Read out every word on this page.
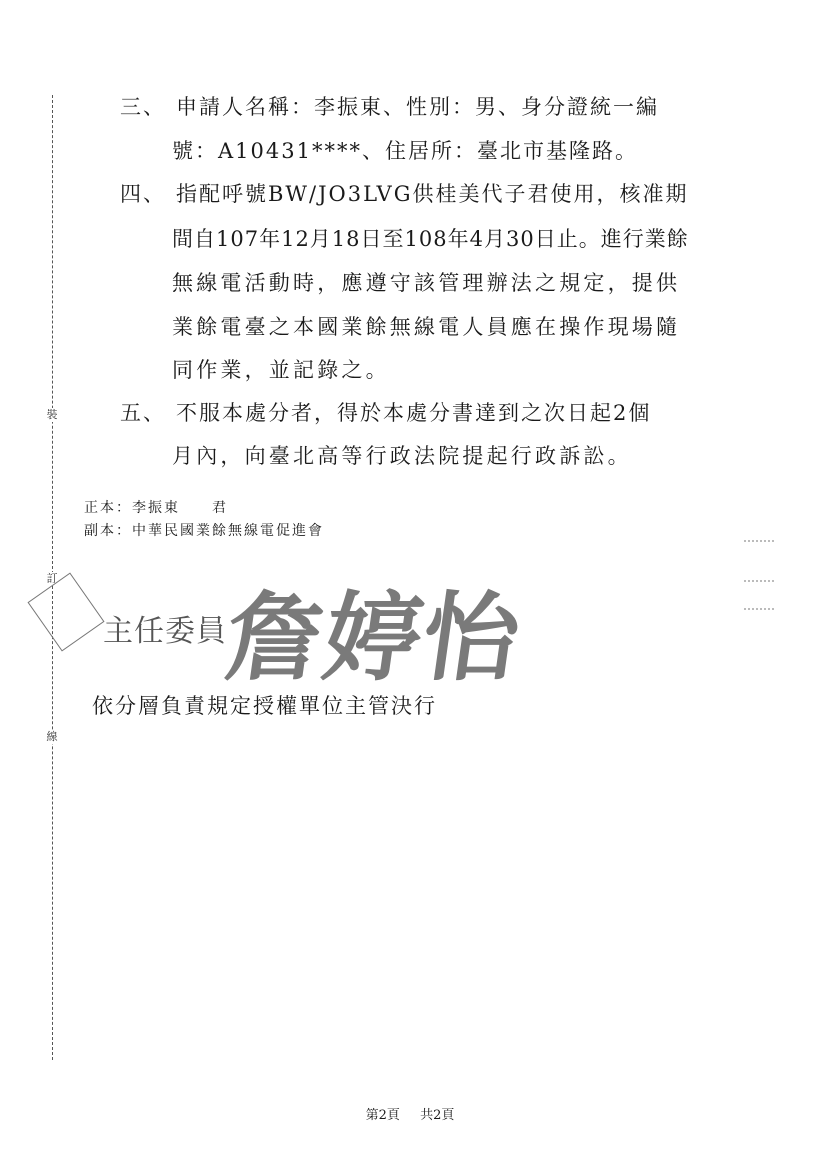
裝
訂
線
三、 申請人名稱：李振東、性別：男、身分證統一編
號：A10431****、住居所：臺北市基隆路。
四、 指配呼號BW/JO3LVG供桂美代子君使用，核准期
間自107年12月18日至108年4月30日止。進行業餘
無線電活動時，應遵守該管理辦法之規定，提供
業餘電臺之本國業餘無線電人員應在操作現場隨
同作業，並記錄之。
五、 不服本處分者，得於本處分書達到之次日起2個
月內，向臺北高等行政法院提起行政訴訟。
正本：李振東　　君
副本：中華民國業餘無線電促進會
主任委員
詹婷怡
依分層負責規定授權單位主管決行
第2頁 共2頁
